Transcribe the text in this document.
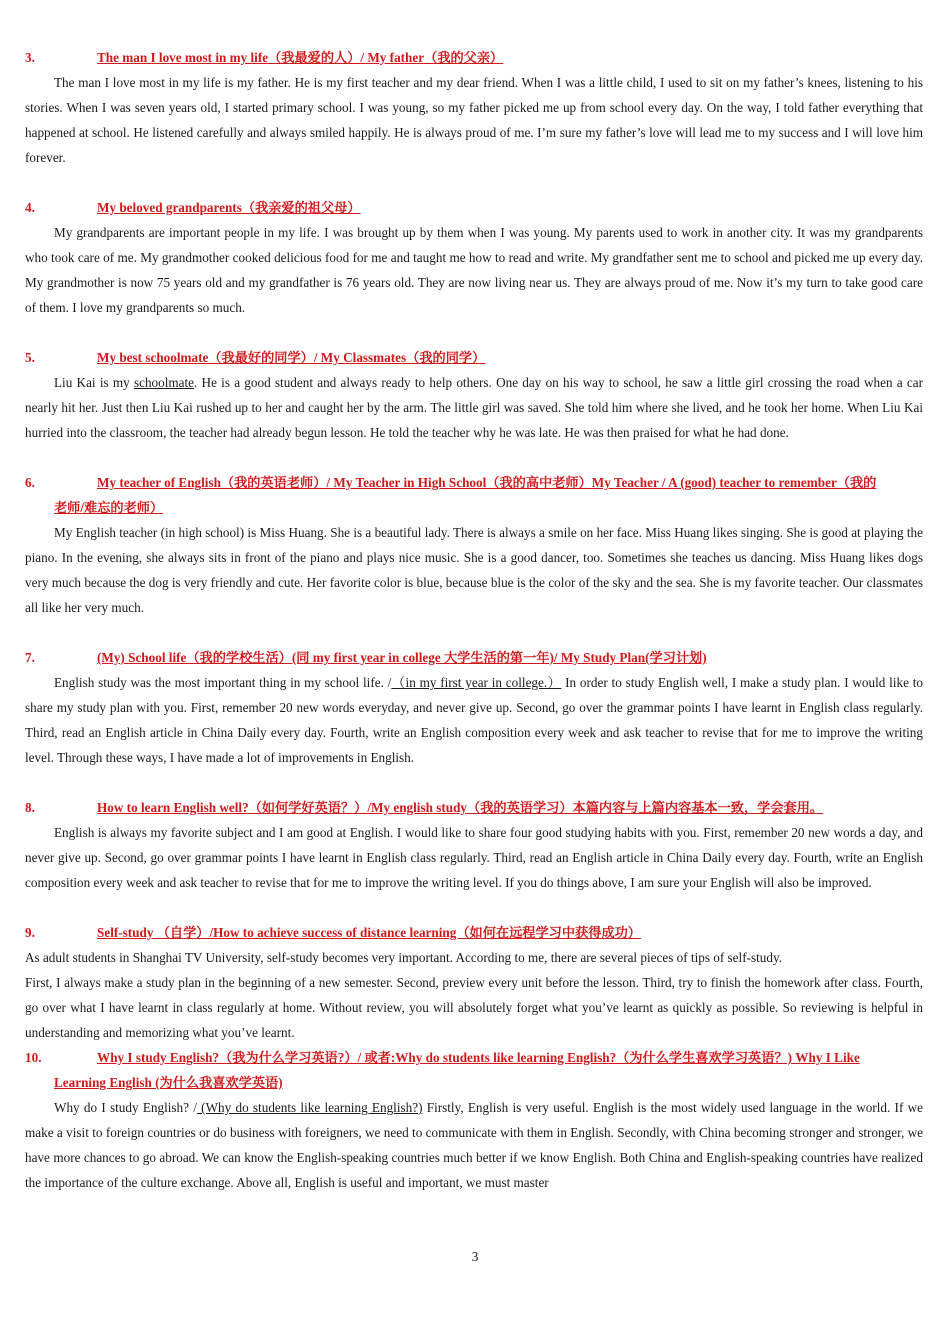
3.	The man I love most in my life（我最爱的人）/ My father（我的父亲）

The man I love most in my life is my father. He is my first teacher and my dear friend. When I was a little child, I used to sit on my father’s knees, listening to his stories. When I was seven years old, I started primary school. I was young, so my father picked me up from school every day. On the way, I told father everything that happened at school. He listened carefully and always smiled happily. He is always proud of me. I’m sure my father’s love will lead me to my success and I will love him forever.

4.	My beloved grandparents（我亲爱的祖父母）

My grandparents are important people in my life. I was brought up by them when I was young. My parents used to work in another city. It was my grandparents who took care of me. My grandmother cooked delicious food for me and taught me how to read and write. My grandfather sent me to school and picked me up every day. My grandmother is now 75 years old and my grandfather is 76 years old. They are now living near us. They are always proud of me. Now it’s my turn to take good care of them. I love my grandparents so much.

5.	My best schoolmate（我最好的同学）/ My Classmates（我的同学）

Liu Kai is my schoolmate. He is a good student and always ready to help others. One day on his way to school, he saw a little girl crossing the road when a car nearly hit her. Just then Liu Kai rushed up to her and caught her by the arm. The little girl was saved. She told him where she lived, and he took her home. When Liu Kai hurried into the classroom, the teacher had already begun lesson. He told the teacher why he was late. He was then praised for what he had done.

6.	My teacher of English（我的英语老师）/ My Teacher in High School（我的高中老师）My Teacher / A (good) teacher to remember（我的
老师/难忘的老师）

My English teacher (in high school) is Miss Huang. She is a beautiful lady. There is always a smile on her face. Miss Huang likes singing. She is good at playing the piano. In the evening, she always sits in front of the piano and plays nice music. She is a good dancer, too. Sometimes she teaches us dancing. Miss Huang likes dogs very much because the dog is very friendly and cute. Her favorite color is blue, because blue is the color of the sky and the sea. She is my favorite teacher. Our classmates all like her very much.

7.	(My) School life（我的学校生活）(同 my first year in college 大学生活的第一年)/ My Study Plan(学习计划)

English study was the most important thing in my school life. /（in my first year in college.） In order to study English well, I make a study plan. I would like to share my study plan with you. First, remember 20 new words everyday, and never give up. Second, go over the grammar points I have learnt in English class regularly. Third, read an English article in China Daily every day. Fourth, write an English composition every week and ask teacher to revise that for me to improve the writing level. Through these ways, I have made a lot of improvements in English.

8.	How to learn English well?（如何学好英语？）/My english study（我的英语学习）本篇内容与上篇内容基本一致，学会套用。

English is always my favorite subject and I am good at English. I would like to share four good studying habits with you. First, remember 20 new words a day, and never give up. Second, go over grammar points I have learnt in English class regularly. Third, read an English article in China Daily every day. Fourth, write an English composition every week and ask teacher to revise that for me to improve the writing level. If you do things above, I am sure your English will also be improved.

9.	Self-study （自学）/How to achieve success of distance learning（如何在远程学习中获得成功）

As adult students in Shanghai TV University, self-study becomes very important. According to me, there are several pieces of tips of self-study.

First, I always make a study plan in the beginning of a new semester. Second, preview every unit before the lesson. Third, try to finish the homework after class. Fourth, go over what I have learnt in class regularly at home. Without review, you will absolutely forget what you’ve learnt as quickly as possible. So reviewing is helpful in understanding and memorizing what you’ve learnt.

10.	Why I study English?（我为什么学习英语?）/ 或者:Why do students like learning English?（为什么学生喜欢学习英语？) Why I Like
Learning English (为什么我喜欢学英语)

Why do I study English? / (Why do students like learning English?) Firstly, English is very useful. English is the most widely used language in the world. If we make a visit to foreign countries or do business with foreigners, we need to communicate with them in English. Secondly, with China becoming stronger and stronger, we have more chances to go abroad. We can know the English-speaking countries much better if we know English. Both China and English-speaking countries have realized the importance of the culture exchange. Above all, English is useful and important, we must master

3
